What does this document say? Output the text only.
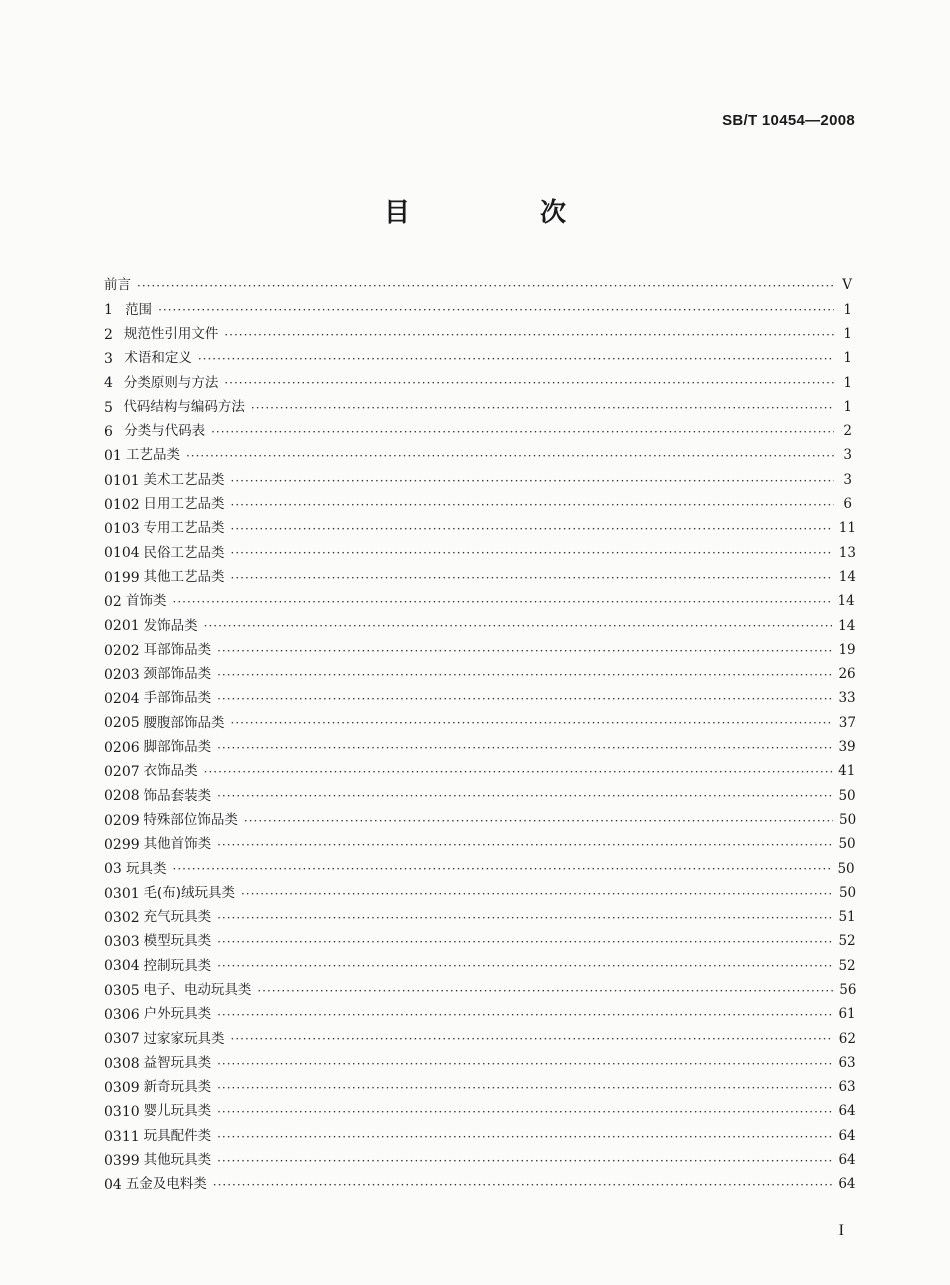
SB/T 10454—2008
目　次
前言 ·····	V
1 范围 ·····	1
2 规范性引用文件 ·····	1
3 术语和定义 ·····	1
4 分类原则与方法 ·····	1
5 代码结构与编码方法 ·····	1
6 分类与代码表 ·····	2
01 工艺品类 ·····	3
0101 美术工艺品类 ·····	3
0102 日用工艺品类 ·····	6
0103 专用工艺品类 ·····	11
0104 民俗工艺品类 ·····	13
0199 其他工艺品类 ·····	14
02 首饰类 ·····	14
0201 发饰品类 ·····	14
0202 耳部饰品类 ·····	19
0203 颈部饰品类 ·····	26
0204 手部饰品类 ·····	33
0205 腰腹部饰品类 ·····	37
0206 脚部饰品类 ·····	39
0207 衣饰品类 ·····	41
0208 饰品套装类 ·····	50
0209 特殊部位饰品类 ·····	50
0299 其他首饰类 ·····	50
03 玩具类 ·····	50
0301 毛(布)绒玩具类 ·····	50
0302 充气玩具类 ·····	51
0303 模型玩具类 ·····	52
0304 控制玩具类 ·····	52
0305 电子、电动玩具类 ·····	56
0306 户外玩具类 ·····	61
0307 过家家玩具类 ·····	62
0308 益智玩具类 ·····	63
0309 新奇玩具类 ·····	63
0310 婴儿玩具类 ·····	64
0311 玩具配件类 ·····	64
0399 其他玩具类 ·····	64
04 五金及电料类 ·····	64
I
